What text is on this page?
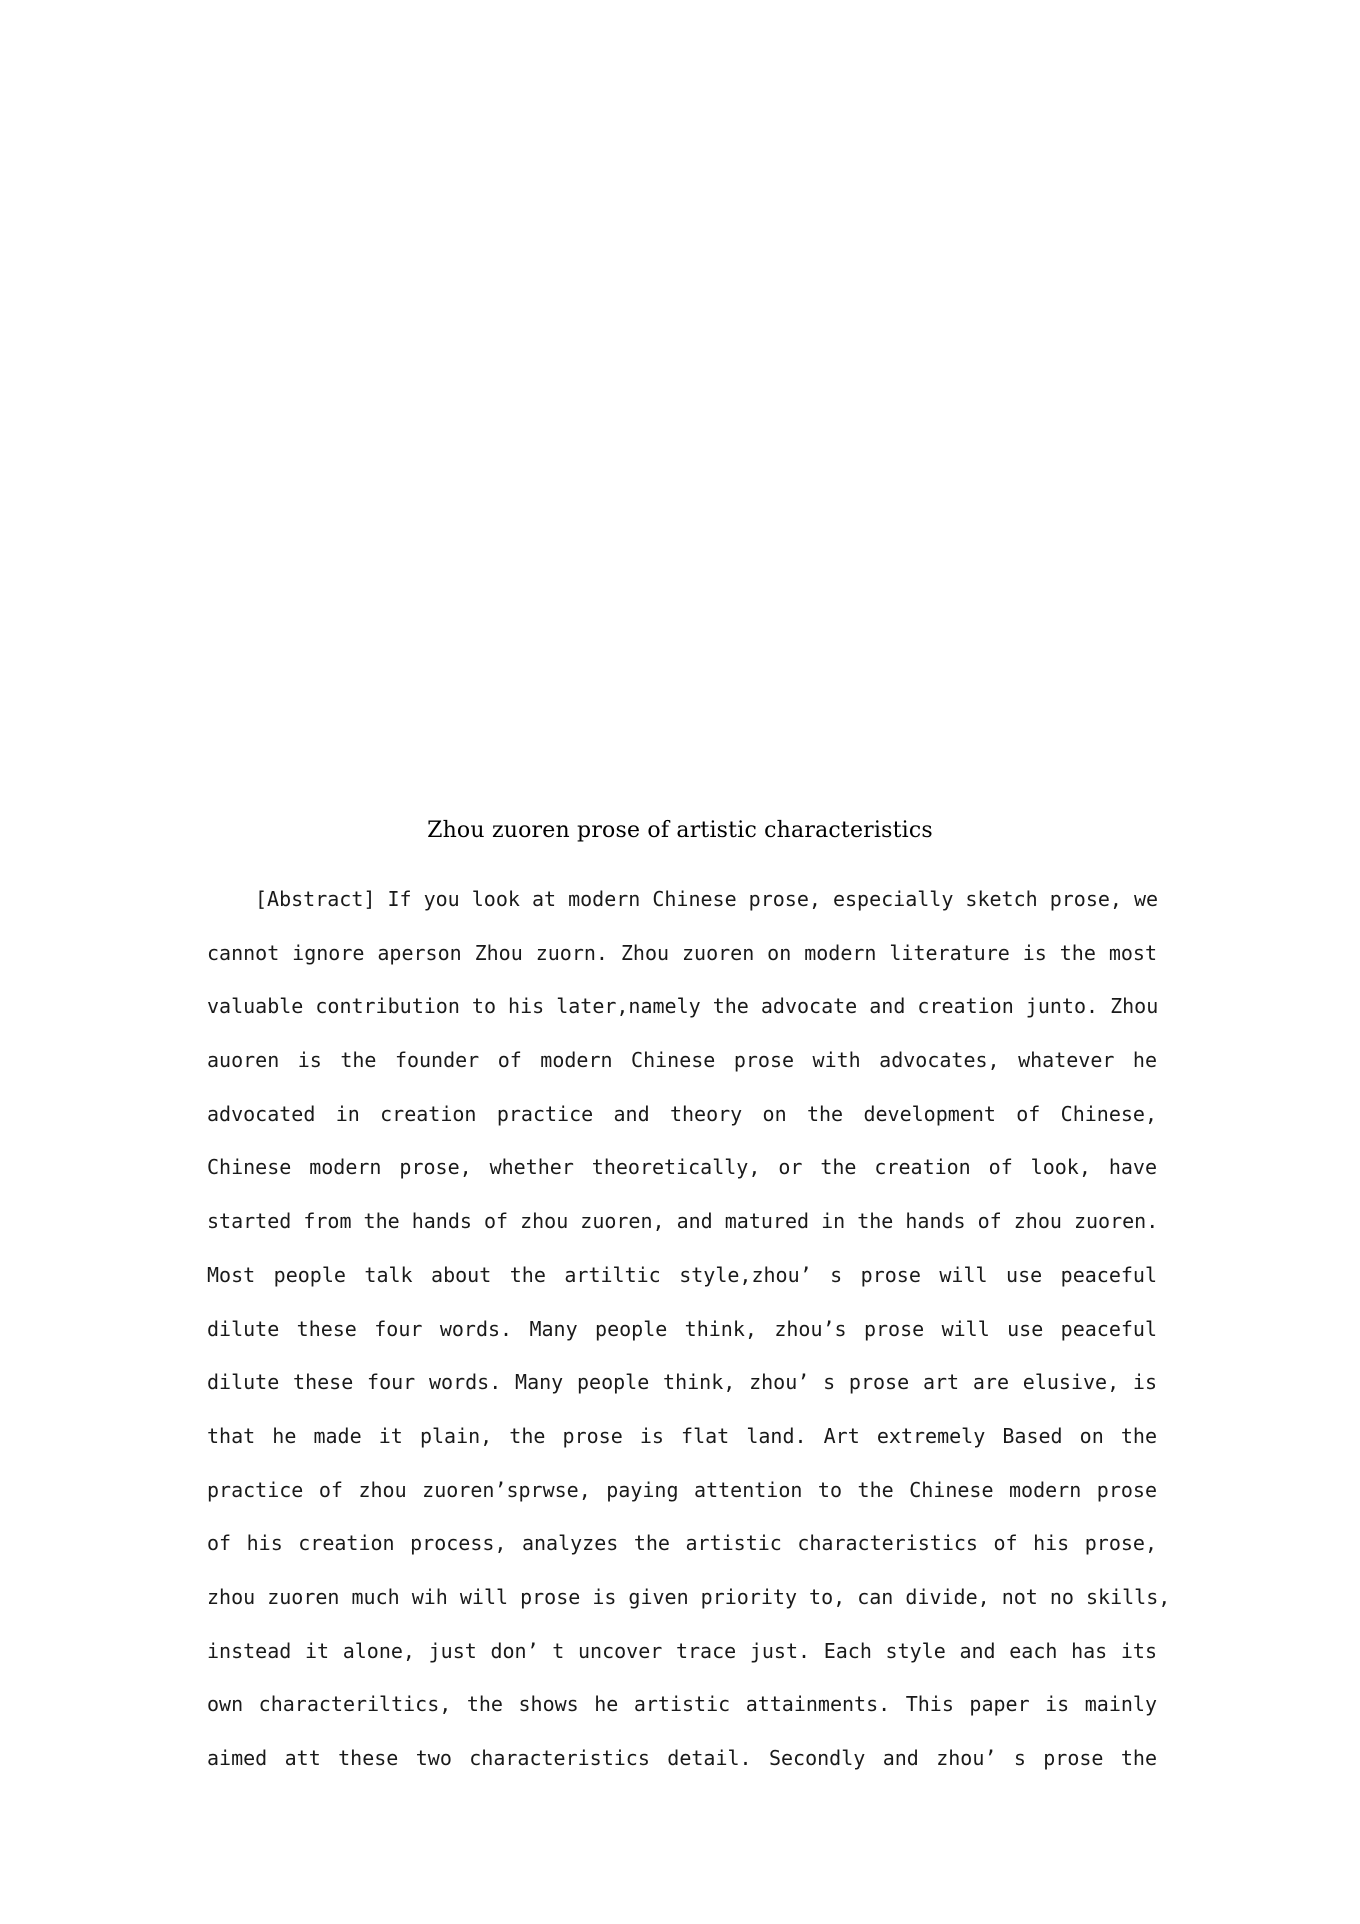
Zhou zuoren prose of artistic characteristics
[Abstract] If you look at modern Chinese prose, especially sketch prose, we
cannot ignore aperson Zhou zuorn. Zhou zuoren on modern literature is the most
valuable contribution to his later,namely the advocate and creation junto. Zhou
auoren is the founder of modern Chinese prose with advocates, whatever he
advocated in creation practice and theory on the development of Chinese,
Chinese modern prose, whether theoretically, or the creation of look, have
started from the hands of zhou zuoren, and matured in the hands of zhou zuoren.
Most people talk about the artiltic style,zhou’ s prose will use peaceful
dilute these four words. Many people think, zhou’s prose will use peaceful
dilute these four words. Many people think, zhou’ s prose art are elusive, is
that he made it plain, the prose is flat land. Art extremely Based on the
practice of zhou zuoren’sprwse, paying attention to the Chinese modern prose
of his creation process, analyzes the artistic characteristics of his prose,
zhou zuoren much wih will prose is given priority to, can divide, not no skills,
instead it alone, just don’ t uncover trace just. Each style and each has its
own characteriltics, the shows he artistic attainments. This paper is mainly
aimed att these two characteristics detail. Secondly and zhou’ s prose the
